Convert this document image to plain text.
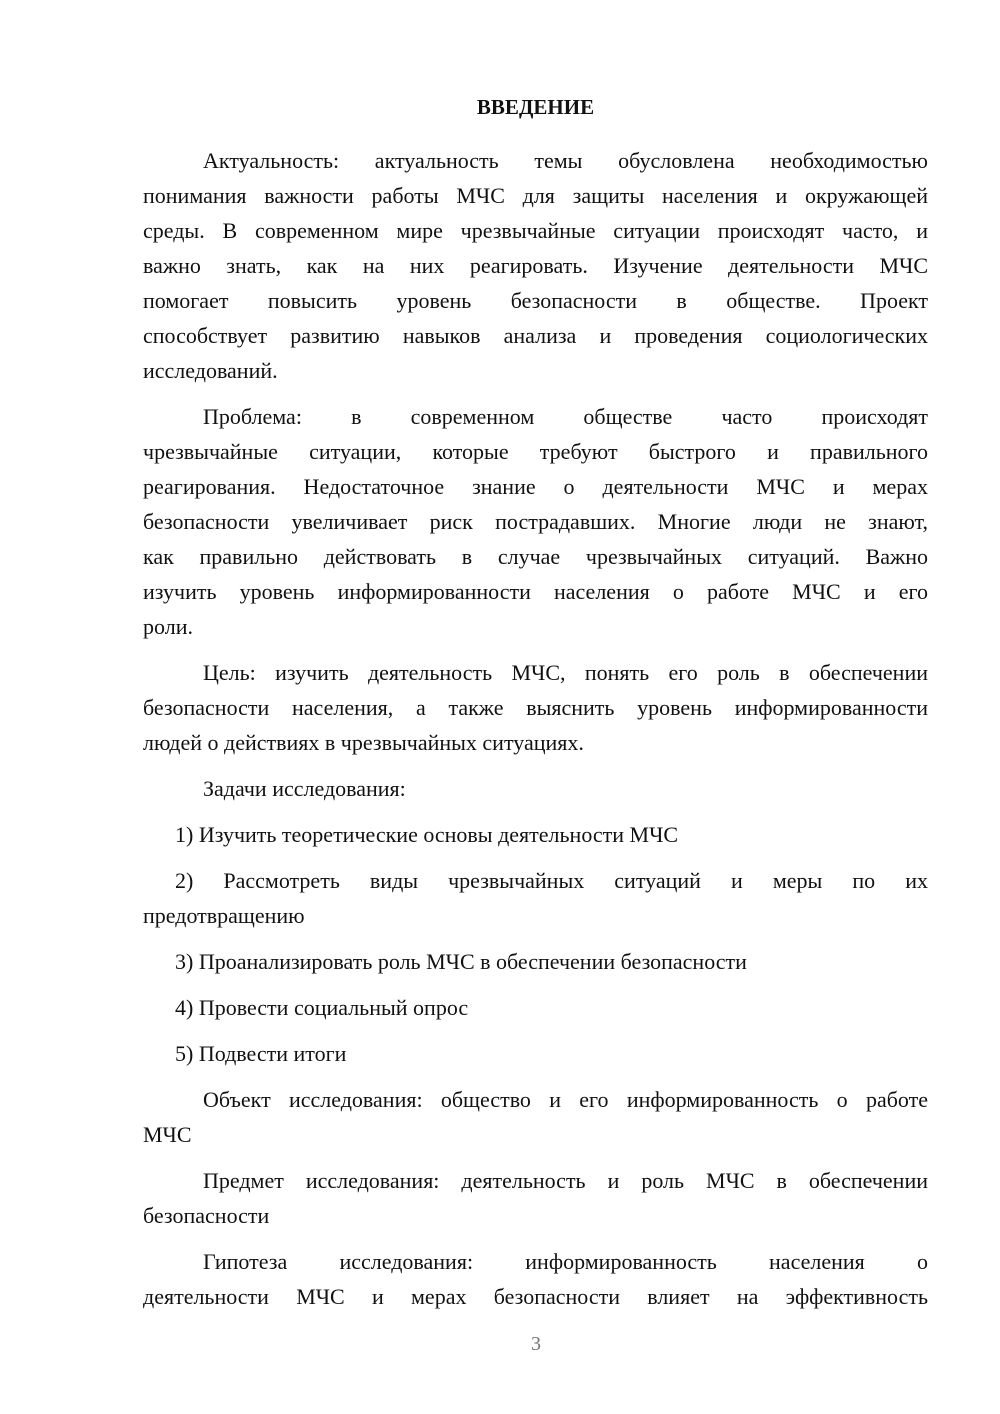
ВВЕДЕНИЕ
Актуальность: актуальность темы обусловлена необходимостью
понимания важности работы МЧС для защиты населения и окружающей
среды. В современном мире чрезвычайные ситуации происходят часто, и
важно знать, как на них реагировать. Изучение деятельности МЧС
помогает повысить уровень безопасности в обществе. Проект
способствует развитию навыков анализа и проведения социологических
исследований.
Проблема: в современном обществе часто происходят
чрезвычайные ситуации, которые требуют быстрого и правильного
реагирования. Недостаточное знание о деятельности МЧС и мерах
безопасности увеличивает риск пострадавших. Многие люди не знают,
как правильно действовать в случае чрезвычайных ситуаций. Важно
изучить уровень информированности населения о работе МЧС и его
роли.
Цель: изучить деятельность МЧС, понять его роль в обеспечении
безопасности населения, а также выяснить уровень информированности
людей о действиях в чрезвычайных ситуациях.
Задачи исследования:
1) Изучить теоретические основы деятельности МЧС
2) Рассмотреть виды чрезвычайных ситуаций и меры по их
предотвращению
3) Проанализировать роль МЧС в обеспечении безопасности
4) Провести социальный опрос
5) Подвести итоги
Объект исследования: общество и его информированность о работе
МЧС
Предмет исследования: деятельность и роль МЧС в обеспечении
безопасности
Гипотеза исследования: информированность населения о
деятельности МЧС и мерах безопасности влияет на эффективность
3
